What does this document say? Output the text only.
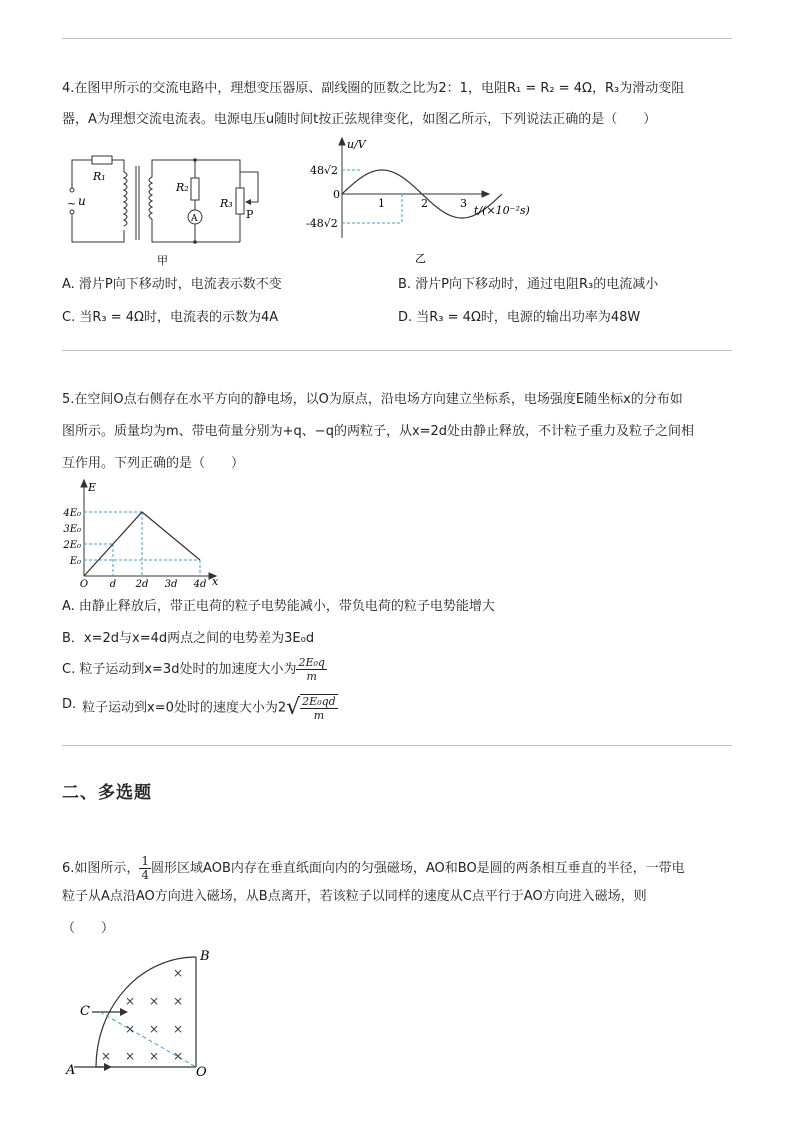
4.在图甲所示的交流电路中，理想变压器原、副线圈的匝数之比为2：1，电阻R₁ = R₂ = 4Ω，R₃为滑动变阻
器，A为理想交流电流表。电源电压u随时间t按正弦规律变化，如图乙所示，下列说法正确的是（　　）
R₁
R₂
R₃
u
~
A	P
甲
48√2
0
-48√2
u/V
1	2	3
t/(×10⁻²s)
乙
A. 滑片P向下移动时，电流表示数不变	B. 滑片P向下移动时，通过电阻R₃的电流减小
C. 当R₃ = 4Ω时，电流表的示数为4A	D. 当R₃ = 4Ω时，电源的输出功率为48W
5.在空间O点右侧存在水平方向的静电场，以O为原点，沿电场方向建立坐标系，电场强度E随坐标x的分布如
图所示。质量均为m、带电荷量分别为+q、−q的两粒子，从x=2d处由静止释放，不计粒子重力及粒子之间相
互作用。下列正确的是（　　）
O d 2d 3d 4d
E₀
2E₀
3E₀
4E₀
E
x
A. 由静止释放后，带正电荷的粒子电势能减小，带负电荷的粒子电势能增大
B．x=2d与x=4d两点之间的电势差为3E₀d
C. 粒子运动到x=3d处时的加速度大小为 $\frac{\text{2E₀q}}{m}$
D. 粒子运动到x=0处时的速度大小为$2√ \frac{\text{2E₀qd}}{m}$
二、多选题
6.如图所示， $\frac{1}{4}$ 圆形区域AOB内存在垂直纸面向内的匀强磁场，AO和BO是圆的两条相互垂直的半径，一带电
粒子从A点沿AO方向进入磁场，从B点离开，若该粒子以同样的速度从C点平行于AO方向进入磁场，则
（　　）
×
× × ×
× × ×
× × × ×
A
B
C
O
